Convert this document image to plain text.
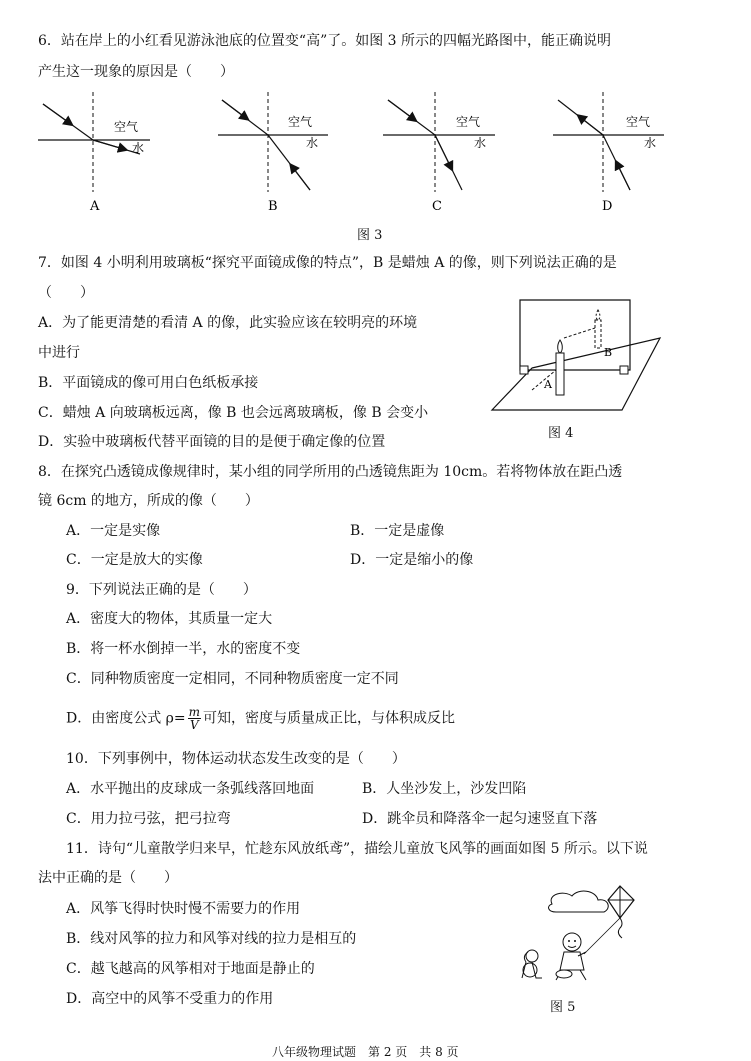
6．站在岸上的小红看见游泳池底的位置变“高”了。如图 3 所示的四幅光路图中，能正确说明
产生这一现象的原因是（　　）
空气
水
A
空气
水
B
空气
水
C
空气
水
D
图 3
7．如图 4 小明利用玻璃板“探究平面镜成像的特点”，B 是蜡烛 A 的像，则下列说法正确的是
（　　）
A．为了能更清楚的看清 A 的像，此实验应该在较明亮的环境
中进行
B．平面镜成的像可用白色纸板承接
C．蜡烛 A 向玻璃板远离，像 B 也会远离玻璃板，像 B 会变小
D．实验中玻璃板代替平面镜的目的是便于确定像的位置
A
B
图 4
8．在探究凸透镜成像规律时，某小组的同学所用的凸透镜焦距为 10cm。若将物体放在距凸透
镜 6cm 的地方，所成的像（　　）
A．一定是实像	B．一定是虚像
C．一定是放大的实像	D．一定是缩小的像
9．下列说法正确的是（　　）
A．密度大的物体，其质量一定大
B．将一杯水倒掉一半，水的密度不变
C．同种物质密度一定相同，不同种物质密度一定不同
D．由密度公式 $\rho= \frac{m}{V}$ 可知，密度与质量成正比，与体积成反比
10．下列事例中，物体运动状态发生改变的是（　　）
A．水平抛出的皮球成一条弧线落回地面	B．人坐沙发上，沙发凹陷
C．用力拉弓弦，把弓拉弯	D．跳伞员和降落伞一起匀速竖直下落
11．诗句“儿童散学归来早，忙趁东风放纸鸢”，描绘儿童放飞风筝的画面如图 5 所示。以下说
法中正确的是（　　）
A．风筝飞得时快时慢不需要力的作用
B．线对风筝的拉力和风筝对线的拉力是相互的
C．越飞越高的风筝相对于地面是静止的
D．高空中的风筝不受重力的作用
图 5
八年级物理试题　第 2 页　共 8 页
